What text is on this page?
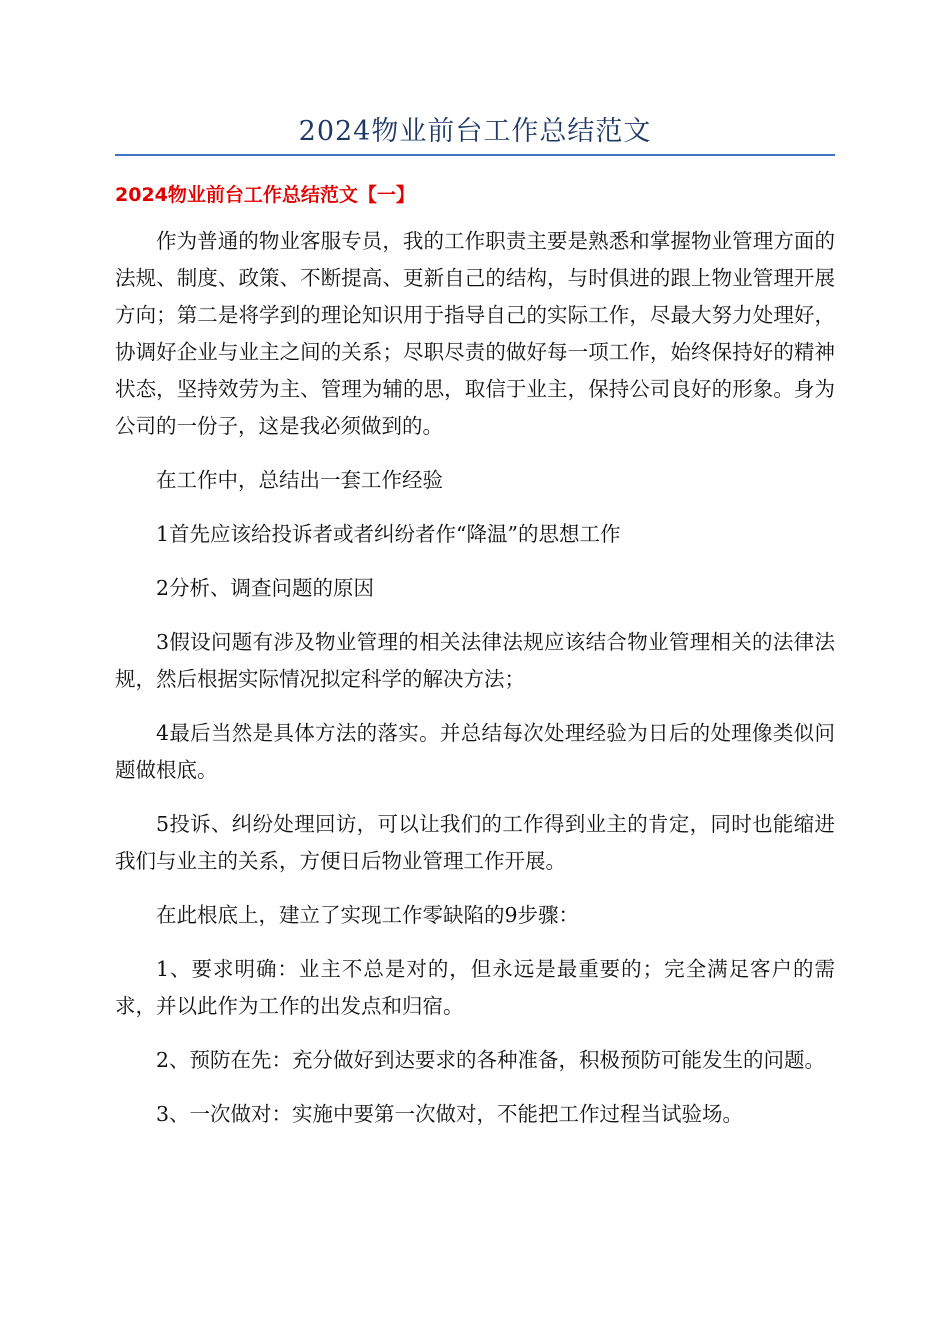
2024物业前台工作总结范文
2024物业前台工作总结范文【一】

作为普通的物业客服专员，我的工作职责主要是熟悉和掌握物业管理方面的法规、制度、政策、不断提高、更新自己的结构，与时俱进的跟上物业管理开展方向；第二是将学到的理论知识用于指导自己的实际工作，尽最大努力处理好，协调好企业与业主之间的关系；尽职尽责的做好每一项工作，始终保持好的精神状态，坚持效劳为主、管理为辅的思，取信于业主，保持公司良好的形象。身为公司的一份子，这是我必须做到的。

在工作中，总结出一套工作经验

1首先应该给投诉者或者纠纷者作“降温”的思想工作

2分析、调查问题的原因

3假设问题有涉及物业管理的相关法律法规应该结合物业管理相关的法律法规，然后根据实际情况拟定科学的解决方法；

4最后当然是具体方法的落实。并总结每次处理经验为日后的处理像类似问题做根底。

5投诉、纠纷处理回访，可以让我们的工作得到业主的肯定，同时也能缩进我们与业主的关系，方便日后物业管理工作开展。

在此根底上，建立了实现工作零缺陷的9步骤：

1、要求明确：业主不总是对的，但永远是最重要的；完全满足客户的需求，并以此作为工作的出发点和归宿。

2、预防在先：充分做好到达要求的各种准备，积极预防可能发生的问题。

3、一次做对：实施中要第一次做对，不能把工作过程当试验场。
